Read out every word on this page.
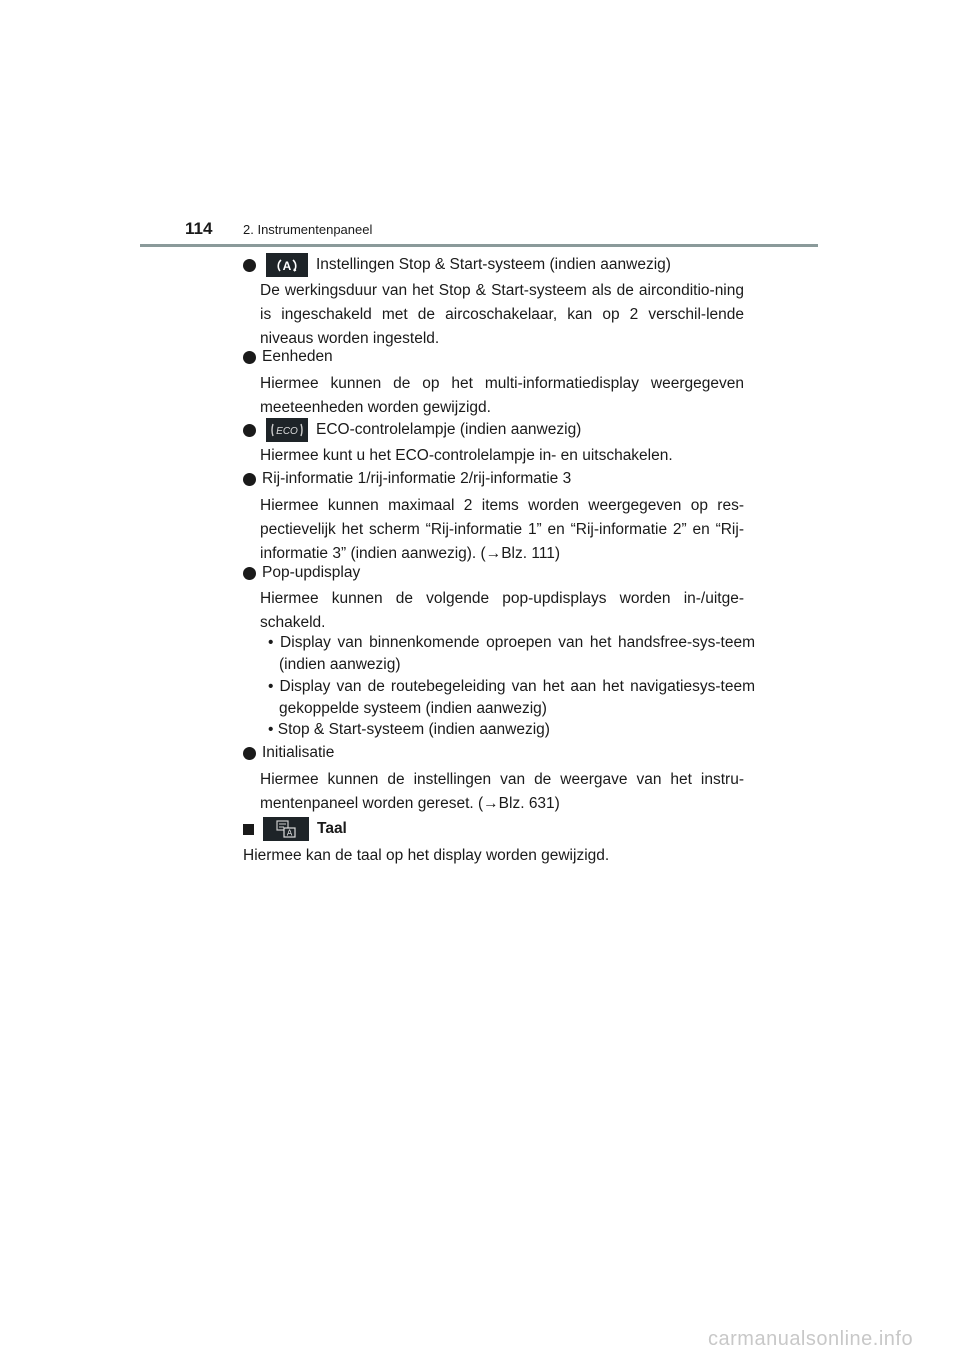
114 2. Instrumentenpaneel
A Instellingen Stop & Start-systeem (indien aanwezig)
De werkingsduur van het Stop & Start-systeem als de airconditio-ning is ingeschakeld met de aircoschakelaar, kan op 2 verschil-lende niveaus worden ingesteld.
Eenheden
Hiermee kunnen de op het multi-informatiedisplay weergegeven meeteenheden worden gewijzigd.
ECO ECO-controlelampje (indien aanwezig)
Hiermee kunt u het ECO-controlelampje in- en uitschakelen.
Rij-informatie 1/rij-informatie 2/rij-informatie 3
Hiermee kunnen maximaal 2 items worden weergegeven op res-pectievelijk het scherm “Rij-informatie 1” en “Rij-informatie 2” en “Rij-informatie 3” (indien aanwezig). (→Blz. 111)
Pop-updisplay
Hiermee kunnen de volgende pop-updisplays worden in-/uitge-schakeld.
• Display van binnenkomende oproepen van het handsfree-sys-teem (indien aanwezig)
• Display van de routebegeleiding van het aan het navigatiesys-teem gekoppelde systeem (indien aanwezig)
• Stop & Start-systeem (indien aanwezig)
Initialisatie
Hiermee kunnen de instellingen van de weergave van het instru-mentenpaneel worden gereset. (→Blz. 631)
A Taal
Hiermee kan de taal op het display worden gewijzigd.
carmanualsonline.info
